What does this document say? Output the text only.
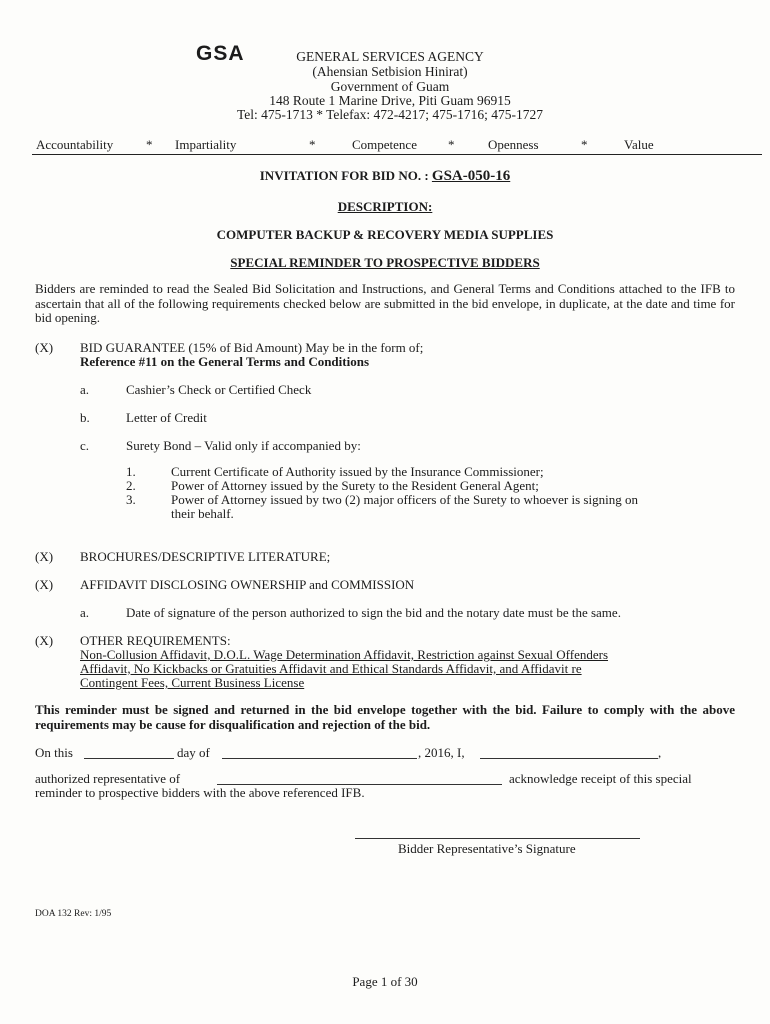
GSA	GENERAL SERVICES AGENCY
(Ahensian Setbision Hinirat)
Government of Guam
148 Route 1 Marine Drive, Piti Guam 96915
Tel: 475-1713 * Telefax: 472-4217; 475-1716; 475-1727
Accountability	* Impartiality	*	Competence *	Openness	*	Value
INVITATION FOR BID NO. : GSA-050-16
DESCRIPTION:
COMPUTER BACKUP & RECOVERY MEDIA SUPPLIES
SPECIAL REMINDER TO PROSPECTIVE BIDDERS
Bidders are reminded to read the Sealed Bid Solicitation and Instructions, and General Terms and Conditions attached to the IFB to ascertain that all of the following requirements checked below are submitted in the bid envelope, in duplicate, at the date and time for bid opening.
(X) BID GUARANTEE (15% of Bid Amount) May be in the form of;
Reference #11 on the General Terms and Conditions
a.	Cashier’s Check or Certified Check
b.	Letter of Credit
c.	Surety Bond – Valid only if accompanied by:
1.	Current Certificate of Authority issued by the Insurance Commissioner;
2.	Power of Attorney issued by the Surety to the Resident General Agent;
3.	Power of Attorney issued by two (2) major officers of the Surety to whoever is signing on
their behalf.
(X) BROCHURES/DESCRIPTIVE LITERATURE;
(X) AFFIDAVIT DISCLOSING OWNERSHIP and COMMISSION
a.	Date of signature of the person authorized to sign the bid and the notary date must be the same.
(X) OTHER REQUIREMENTS:
Non-Collusion Affidavit, D.O.L. Wage Determination Affidavit, Restriction against Sexual Offenders
Affidavit, No Kickbacks or Gratuities Affidavit and Ethical Standards Affidavit, and Affidavit re
Contingent Fees, Current Business License
This reminder must be signed and returned in the bid envelope together with the bid. Failure to comply with the above requirements may be cause for disqualification and rejection of the bid.
On this	day of	, 2016, I,	,
authorized representative of	acknowledge receipt of this special
reminder to prospective bidders with the above referenced IFB.
Bidder Representative’s Signature
DOA 132 Rev: 1/95
Page 1 of 30
